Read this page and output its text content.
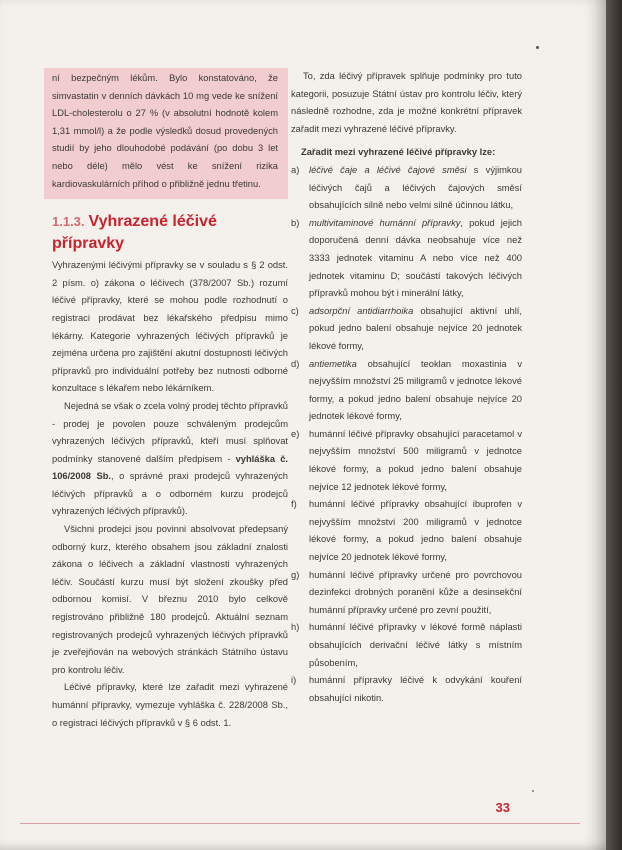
ní bezpečným lékům. Bylo konstatováno, že simvastatin v denních dávkách 10 mg vede ke snížení LDL-cholesterolu o 27 % (v absolutní hodnotě kolem 1,31 mmol/l) a že podle výsledků dosud provedených studií by jeho dlouhodobé podávání (po dobu 3 let nebo déle) mělo vést ke snížení rizika kardiovaskulárních příhod o přibližně jednu třetinu.

1.1.3. Vyhrazené léčivé přípravky

Vyhrazenými léčivými přípravky se v souladu s § 2 odst. 2 písm. o) zákona o léčivech (378/2007 Sb.) rozumí léčivé přípravky, které se mohou podle rozhodnutí o registraci prodávat bez lékařského předpisu mimo lékárny. Kategorie vyhrazených léčivých přípravků je zejména určena pro zajištění akutní dostupnosti léčivých přípravků pro individuální potřeby bez nutnosti odborné konzultace s lékařem nebo lékárníkem.

Nejedná se však o zcela volný prodej těchto přípravků - prodej je povolen pouze schváleným prodejcům vyhrazených léčivých přípravků, kteří musí splňovat podmínky stanovené dalším předpisem - vyhláška č. 106/2008 Sb., o správné praxi prodejců vyhrazených léčivých přípravků a o odborném kurzu prodejců vyhrazených léčivých přípravků).

Všichni prodejci jsou povinni absolvovat předepsaný odborný kurz, kterého obsahem jsou základní znalosti zákona o léčivech a základní vlastnosti vyhrazených léčiv. Součástí kurzu musí být složení zkoušky před odbornou komisí. V březnu 2010 bylo celkově registrováno přibližně 180 prodejců. Aktuální seznam registrovaných prodejců vyhrazených léčivých přípravků je zveřejňován na webových stránkách Státního ústavu pro kontrolu léčiv.

Léčivé přípravky, které lze zařadit mezi vyhrazené humánní přípravky, vymezuje vyhláška č. 228/2008 Sb., o registraci léčivých přípravků v § 6 odst. 1.

To, zda léčivý přípravek splňuje podmínky pro tuto kategorii, posuzuje Státní ústav pro kontrolu léčiv, který následně rozhodne, zda je možné konkrétní přípravek zařadit mezi vyhrazené léčivé přípravky.

Zařadit mezi vyhrazené léčivé přípravky lze:

a)	léčivé čaje a léčivé čajové směsi s výjimkou léčivých čajů a léčivých čajových směsí obsahujících silně nebo velmi silně účinnou látku,
b)	multivitaminové humánní přípravky, pokud jejich doporučená denní dávka neobsahuje více než 3333 jednotek vitaminu A nebo více než 400 jednotek vitaminu D; součástí takových léčivých přípravků mohou být i minerální látky,
c)	adsorpční antidiarrhoika obsahující aktivní uhlí, pokud jedno balení obsahuje nejvíce 20 jednotek lékové formy,
d)	antiemetika obsahující teoklan moxastinia v nejvyšším množství 25 miligramů v jednotce lékové formy, a pokud jedno balení obsahuje nejvíce 20 jednotek lékové formy,
e)	humánní léčivé přípravky obsahující paracetamol v nejvyšším množství 500 miligramů v jednotce lékové formy, a pokud jedno balení obsahuje nejvíce 12 jednotek lékové formy,
f)	humánní léčivé přípravky obsahující ibuprofen v nejvyšším množství 200 miligramů v jednotce lékové formy, a pokud jedno balení obsahuje nejvíce 20 jednotek lékové formy,
g)	humánní léčivé přípravky určené pro povrchovou dezinfekci drobných poranění kůže a desinsekční humánní přípravky určené pro zevní použití,
h)	humánní léčivé přípravky v lékové formě náplasti obsahujících derivační léčivé látky s místním působením,
i)	humánní přípravky léčivé k odvykání kouření obsahující nikotin.
33
